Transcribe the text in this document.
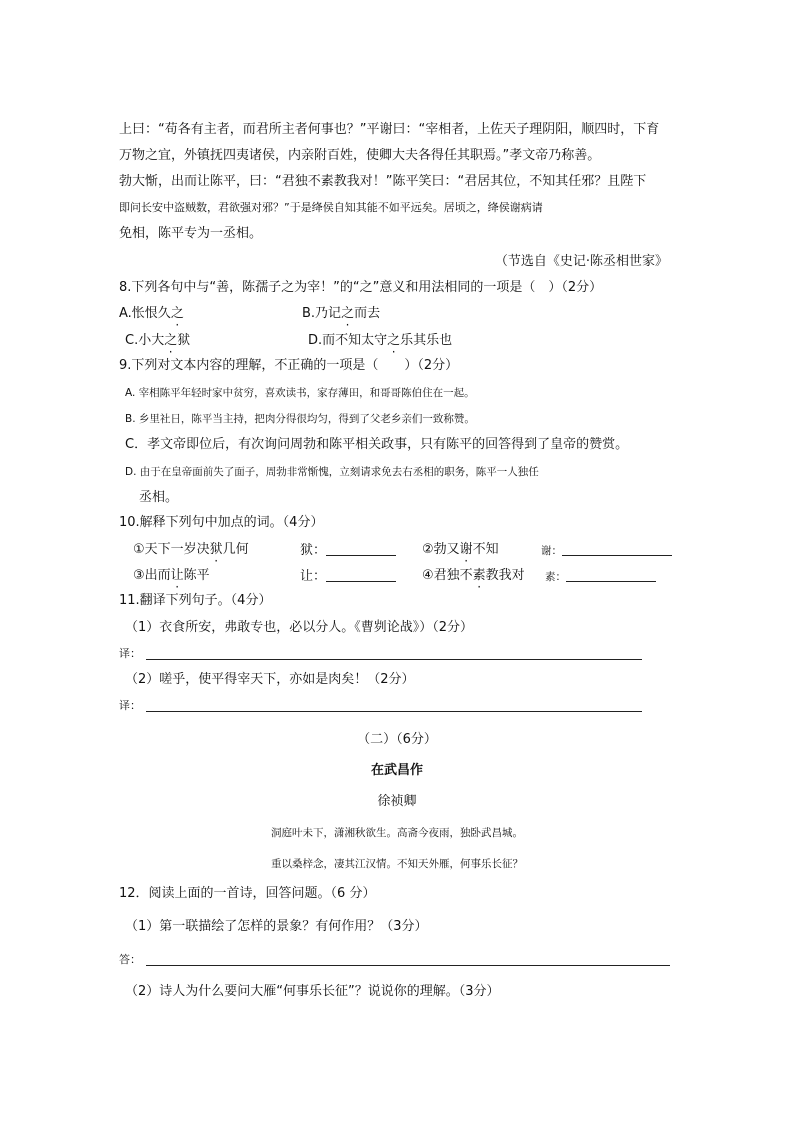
上曰：“苟各有主者，而君所主者何事也？”平谢曰：“宰相者，上佐天子理阴阳，顺四时，下育
万物之宜，外镇抚四夷诸侯，内亲附百姓，使卿大夫各得任其职焉。”孝文帝乃称善。
勃大惭，出而让陈平，曰：“君独不素教我对！”陈平笑曰：“君居其位，不知其任邪？且陛下
即问长安中盗贼数，君欲强对邪？”于是绛侯自知其能不如平远矣。居顷之，绛侯谢病请
免相，陈平专为一丞相。
（节选自《史记·陈丞相世家》
8.下列各句中与“善，陈孺子之为宰！”的“之”意义和用法相同的一项是（　）（2分）
A.怅恨久之	B.乃记之而去
C.小大之狱	D.而不知太守之乐其乐也
9.下列对文本内容的理解，不正确的一项是（　　）（2分）
A. 宰相陈平年轻时家中贫穷，喜欢读书，家存薄田，和哥哥陈伯住在一起。
B. 乡里社日，陈平当主持，把肉分得很均匀，得到了父老乡亲们一致称赞。
C．孝文帝即位后，有次询问周勃和陈平相关政事，只有陈平的回答得到了皇帝的赞赏。
D. 由于在皇帝面前失了面子，周勃非常惭愧，立刻请求免去右丞相的职务，陈平一人独任
丞相。
10.解释下列句中加点的词。（4分）
①天下一岁决狱几何	狱：	②勃又谢不知	谢：
③出而让陈平	让：	④君独不素教我对 素：
11.翻译下列句子。（4分）
（1）衣食所安，弗敢专也，必以分人。《曹刿论战》）（2分）
译：
（2）嗟乎，使平得宰天下，亦如是肉矣！（2分）
译：
（二）（6分）
在武昌作
徐祯卿
洞庭叶未下，潇湘秋欲生。高斋今夜雨，独卧武昌城。
重以桑梓念，凄其江汉情。不知天外雁，何事乐长征？
12．阅读上面的一首诗，回答问题。（6 分）
（1）第一联描绘了怎样的景象？有何作用？（3分）
答：
（2）诗人为什么要问大雁“何事乐长征”？说说你的理解。（3分）
